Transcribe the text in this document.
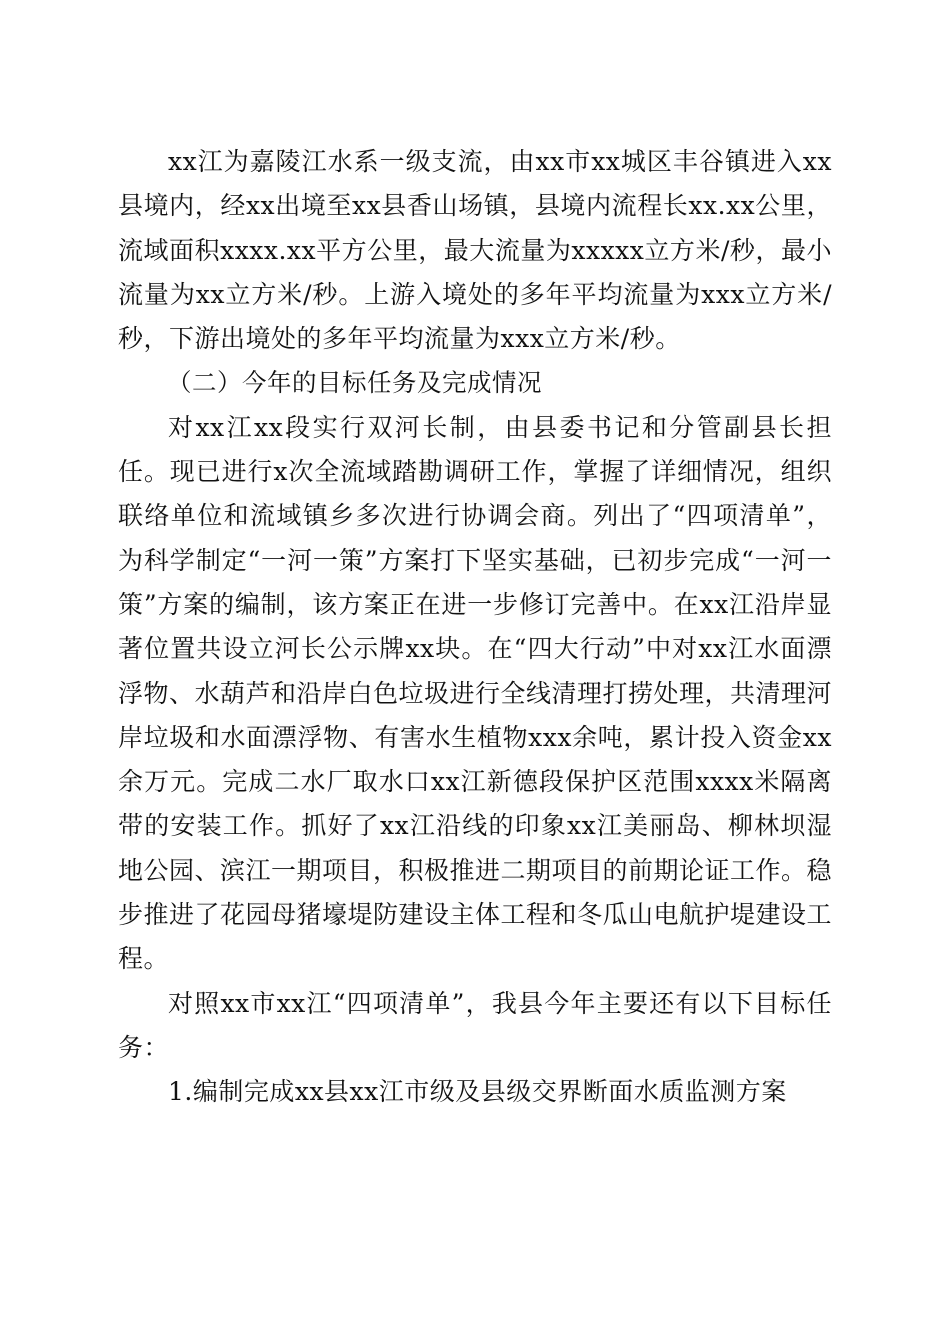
xx江为嘉陵江水系一级支流，由xx市xx城区丰谷镇进入xx县境内，经xx出境至xx县香山场镇，县境内流程长xx.xx公里，流域面积xxxx.xx平方公里，最大流量为xxxxx立方米/秒，最小流量为xx立方米/秒。上游入境处的多年平均流量为xxx立方米/秒，下游出境处的多年平均流量为xxx立方米/秒。

（二）今年的目标任务及完成情况

对xx江xx段实行双河长制，由县委书记和分管副县长担任。现已进行x次全流域踏勘调研工作，掌握了详细情况，组织联络单位和流域镇乡多次进行协调会商。列出了“四项清单”，为科学制定“一河一策”方案打下坚实基础，已初步完成“一河一策”方案的编制，该方案正在进一步修订完善中。在xx江沿岸显著位置共设立河长公示牌xx块。在“四大行动”中对xx江水面漂浮物、水葫芦和沿岸白色垃圾进行全线清理打捞处理，共清理河岸垃圾和水面漂浮物、有害水生植物xxx余吨，累计投入资金xx余万元。完成二水厂取水口xx江新德段保护区范围xxxx米隔离带的安装工作。抓好了xx江沿线的印象xx江美丽岛、柳林坝湿地公园、滨江一期项目，积极推进二期项目的前期论证工作。稳步推进了花园母猪壕堤防建设主体工程和冬瓜山电航护堤建设工程。

对照xx市xx江“四项清单”，我县今年主要还有以下目标任务：

1.编制完成xx县xx江市级及县级交界断面水质监测方案
